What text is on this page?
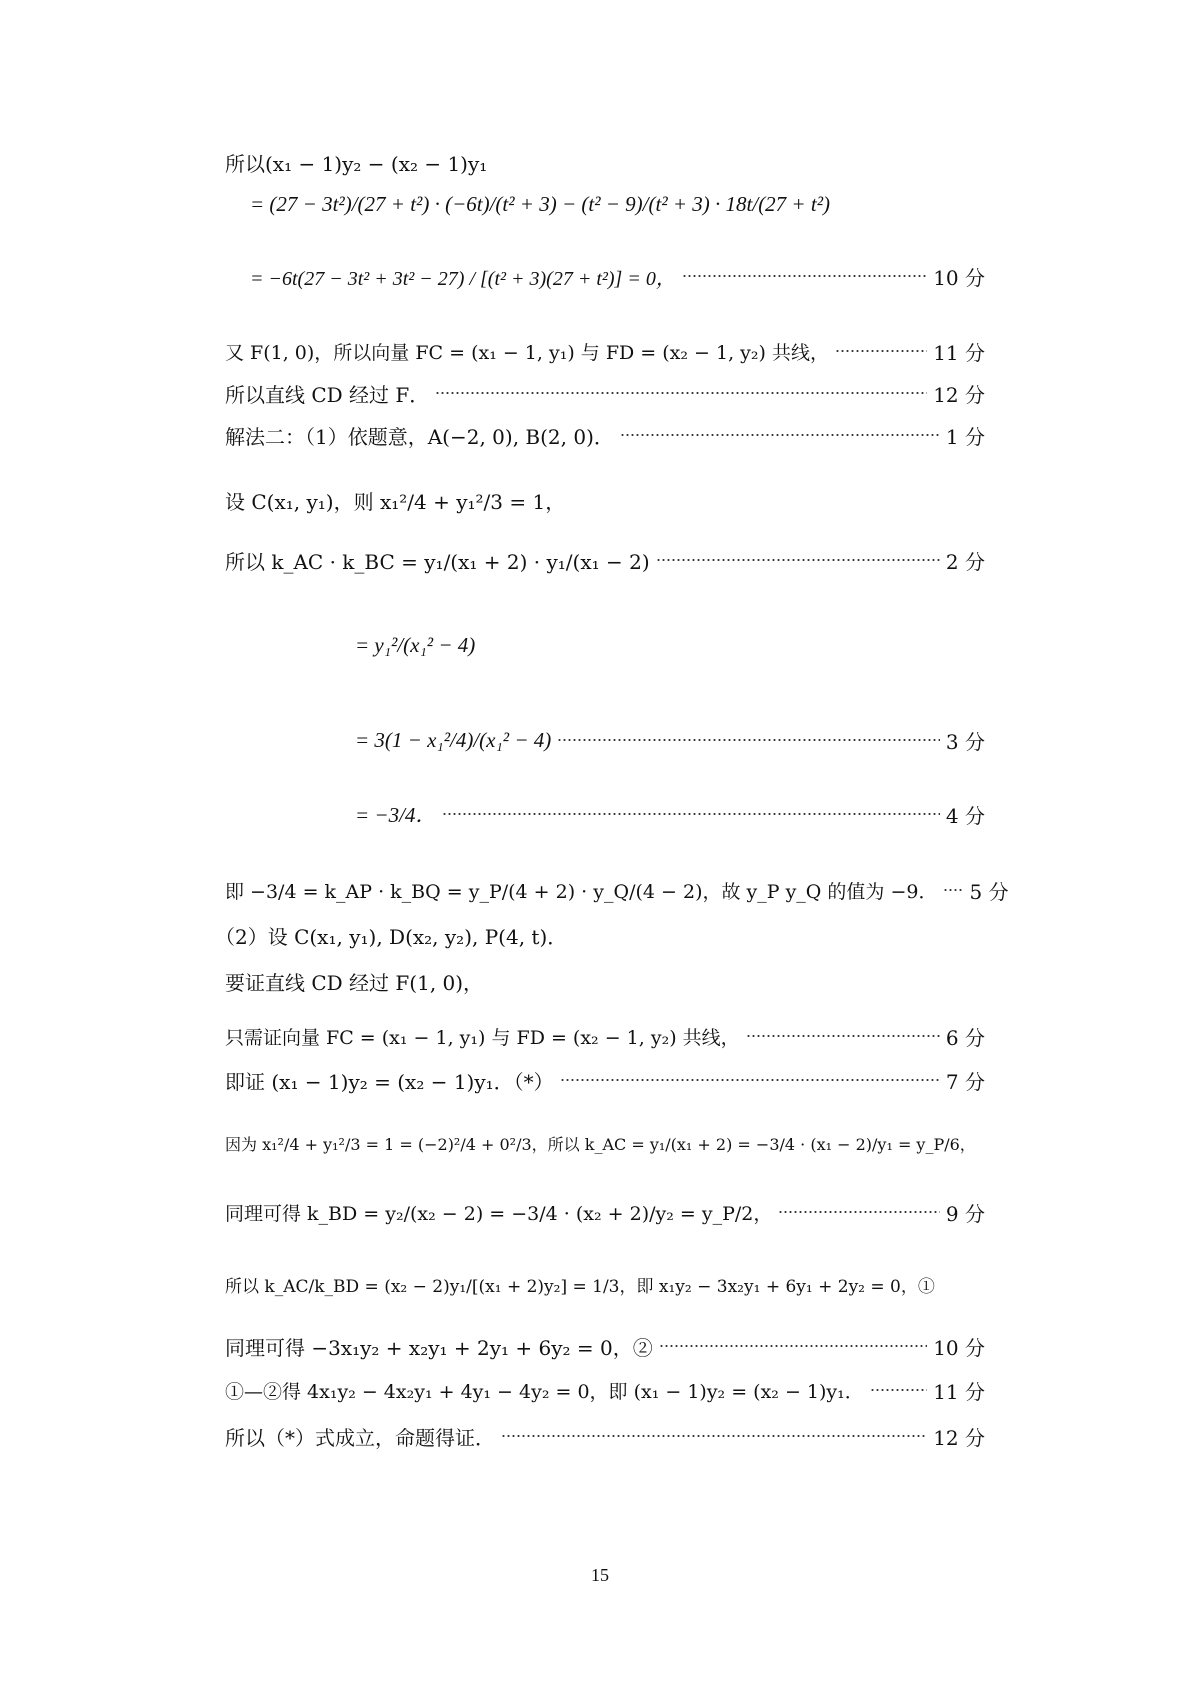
所以(x₁ − 1)y₂ − (x₂ − 1)y₁
= (27 − 3t²)/(27 + t²) · (−6t)/(t² + 3) − (t² − 9)/(t² + 3) · 18t/(27 + t²)
= −6t(27 − 3t² + 3t² − 27) / [(t² + 3)(27 + t²)] = 0，	10 分
又 F(1, 0)，所以向量 FC = (x₁ − 1, y₁) 与 FD = (x₂ − 1, y₂) 共线，	11 分
所以直线 CD 经过 F．	12 分
解法二：（1）依题意，A(−2, 0), B(2, 0)．	1 分
设 C(x₁, y₁)，则 x₁²/4 + y₁²/3 = 1，
所以 k_AC · k_BC = y₁/(x₁ + 2) · y₁/(x₁ − 2)	2 分
= y₁²/(x₁² − 4)
= 3(1 − x₁²/4)/(x₁² − 4)	3 分
= −3/4．	4 分
即 −3/4 = k_AP · k_BQ = y_P/(4 + 2) · y_Q/(4 − 2)，故 y_P y_Q 的值为 −9． 5 分
（2）设 C(x₁, y₁), D(x₂, y₂), P(4, t)．
要证直线 CD 经过 F(1, 0)，
只需证向量 FC = (x₁ − 1, y₁) 与 FD = (x₂ − 1, y₂) 共线，	6 分
即证 (x₁ − 1)y₂ = (x₂ − 1)y₁．（*）	7 分
因为 x₁²/4 + y₁²/3 = 1 = (−2)²/4 + 0²/3，所以 k_AC = y₁/(x₁ + 2) = −3/4 · (x₁ − 2)/y₁ = y_P/6，
同理可得 k_BD = y₂/(x₂ − 2) = −3/4 · (x₂ + 2)/y₂ = y_P/2，	9 分
所以 k_AC/k_BD = (x₂ − 2)y₁/[(x₁ + 2)y₂] = 1/3，即 x₁y₂ − 3x₂y₁ + 6y₁ + 2y₂ = 0，①
同理可得 −3x₁y₂ + x₂y₁ + 2y₁ + 6y₂ = 0，②	10 分
①—②得 4x₁y₂ − 4x₂y₁ + 4y₁ − 4y₂ = 0，即 (x₁ − 1)y₂ = (x₂ − 1)y₁．	11 分
所以（*）式成立，命题得证．	12 分
15
